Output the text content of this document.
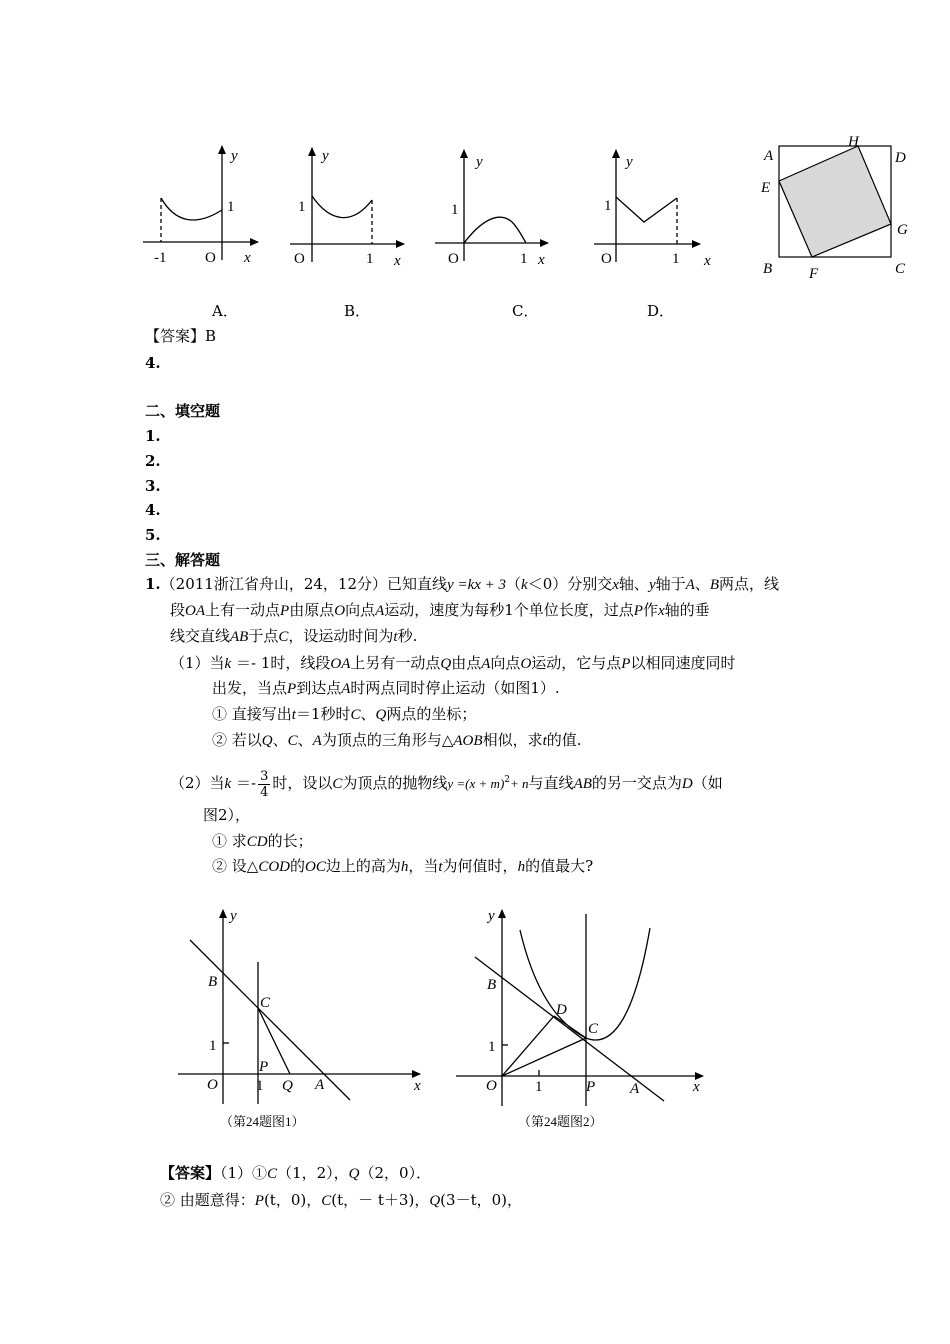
y
x
1
-1	O
y
x
1
1
O
y
x
1
1
O
y
x
1
1
O
A
H
D
E
G
B F	C
A．	B．	C．	D．
【答案】B
4.
二、填空题
1.
2.
3.
4.
5.
三、解答题
1.（2011浙江省舟山，24，12分）已知直线y =kx + 3（k＜0）分别交x轴、y轴于A、B两点，线
段OA上有一动点P由原点O向点A运动，速度为每秒1个单位长度，过点P作x轴的垂
线交直线AB于点C，设运动时间为t秒.
（1）当k ＝- 1时，线段OA上另有一动点Q由点A向点O运动，它与点P以相同速度同时
出发，当点P到达点A时两点同时停止运动（如图1）.
① 直接写出t＝1秒时C、Q两点的坐标；
② 若以Q、C、A为顶点的三角形与△AOB相似，求t的值.
（2）当$k =- \frac{3}{4}$ 时，设以C为顶点的抛物线$y =(x + m)^2+ n$与直线AB的另一交点为D（如
图2），
① 求CD的长；
② 设△COD的OC边上的高为h，当t为何值时，h的值最大?
y
x
B
C
1
P
O	1 Q A
（第24题图1）
y
x
B
D
C
1
O	1	P A
（第24题图2）
【答案】（1）①C（1，2），Q（2，0）．
② 由题意得：P(t，0)，C(t，－ t＋3)，Q(3－t，0)，
